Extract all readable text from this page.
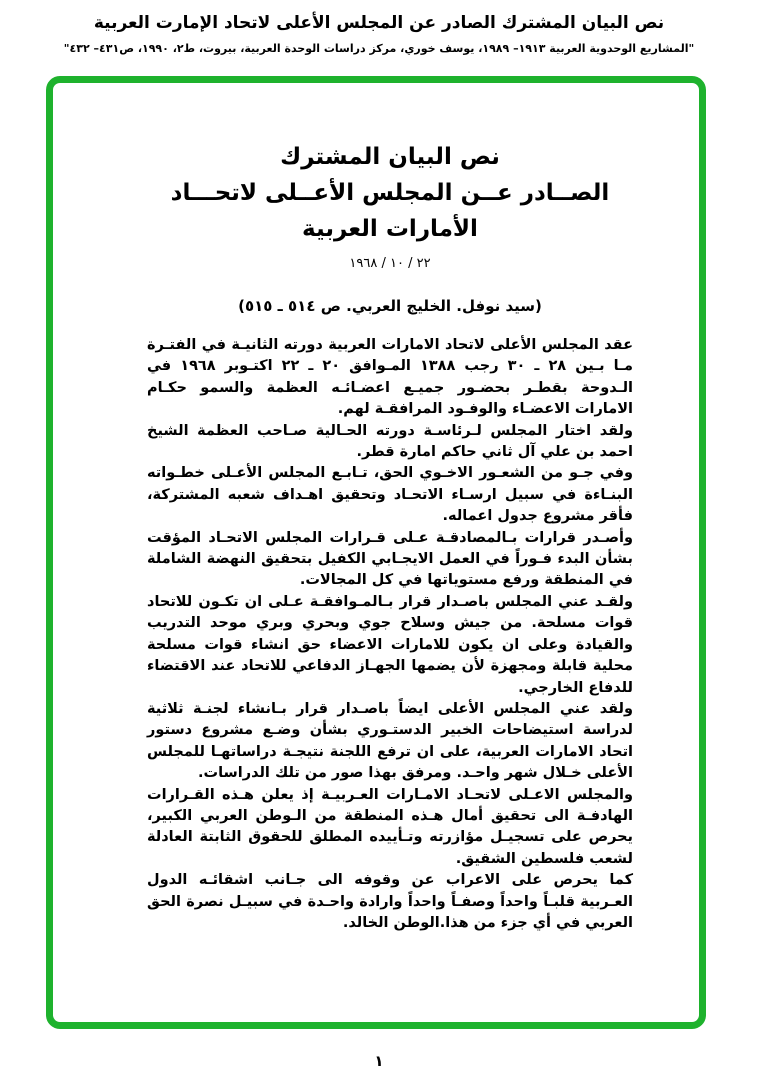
نص البيان المشترك الصادر عن المجلس الأعلى لاتحاد الإمارت العربية
"المشاريع الوحدوية العربية ١٩١٣– ١٩٨٩، يوسف خوري، مركز دراسات الوحدة العربية، بيروت، ط٢، ١٩٩٠، ص٤٣١– ٤٣٢"
نص البيان المشترك
الصــادر عــن المجلس الأعــلى لاتحـــاد
الأمارات العربية
٢٢ / ١٠ / ١٩٦٨
(سيد نوفل. الخليج العربي. ص ٥١٤ ـ ٥١٥)

عقد المجلس الأعلى لاتحاد الامارات العربية دورته الثانيـة في الفتـرة مـا بـين ٢٨ ـ ٣٠ رجب ١٣٨٨ المـوافق ٢٠ ـ ٢٢ اكتـوبر ١٩٦٨ في الـدوحة بقطـر بحضـور جميـع اعضـائـه العظمة والسمو حكـام الامارات الاعضـاء والوفـود المرافقـة لهم.

ولقد اختار المجلس لـرئاسـة دورته الحـالية صـاحب العظمة الشيخ احمد بن علي آل ثاني حاكم امارة قطر.

وفي جـو من الشعـور الاخـوي الحق، تـابـع المجلس الأعـلى خطـواته البنـاءة في سبيل ارسـاء الاتحـاد وتحقيق اهـداف شعبه المشتركة، فأقر مشروع جدول اعماله.

وأصـدر قرارات بـالمصادقـة عـلى قـرارات المجلس الاتحـاد المؤقت بشأن البدء فـوراً في العمل الايجـابي الكفيل بتحقيق النهضة الشاملة في المنطقة ورفع مستوياتها في كل المجالات.

ولقـد عني المجلس باصـدار قرار بـالمـوافقـة عـلى ان تكـون للاتحاد قوات مسلحة. من جيش وسلاح جوي وبحري وبري موحد التدريب والقيادة وعلى ان يكون للامارات الاعضاء حق انشاء قوات مسلحة محلية قابلة ومجهزة لأن يضمها الجهـاز الدفاعي للاتحاد عند الاقتضاء للدفاع الخارجي.

ولقد عني المجلس الأعلى ايضاً باصـدار قرار بـانشاء لجنـة ثلاثية لدراسة استيضاحات الخبير الدستـوري بشأن وضـع مشروع دستور اتحاد الامارات العربية، على ان ترفع اللجنة نتيجـة دراساتهـا للمجلس الأعلى خـلال شهر واحـد. ومرفق بهذا صور من تلك الدراسات.

والمجلس الاعـلى لاتحـاد الامـارات العـربيـة إذ يعلن هـذه القـرارات الهادفـة الى تحقيق أمال هـذه المنطقة من الـوطن العربي الكبير، يحرص على تسجيـل مؤازرته وتـأييده المطلق للحقوق الثابتة العادلة لشعب فلسطين الشقيق.

كما يحرص على الاعراب عن وقوفه الى جـانب اشقائـه الدول العـربية قلبـاً واحداً وصفـاً واحداً وارادة واحـدة في سبيـل نصرة الحق العربي في أي جزء من هذا.الوطن الخالد.

١
